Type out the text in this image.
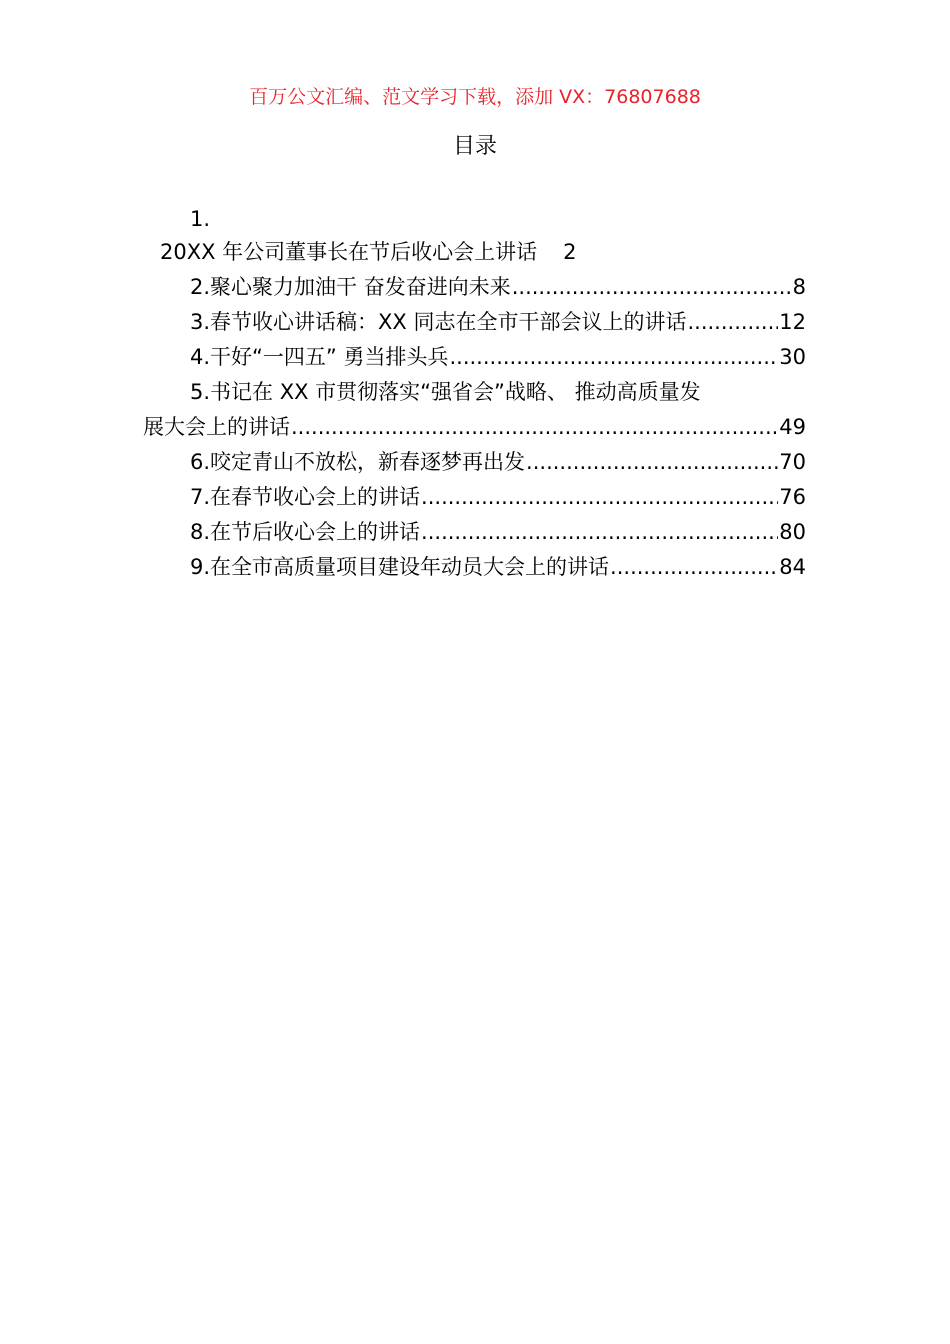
百万公文汇编、范文学习下载，添加 VX：76807688
目录
1.
20XX 年公司董事长在节后收心会上讲话 2
2.聚心聚力加油干 奋发奋进向未来 .....	8
3.春节收心讲话稿：XX 同志在全市干部会议上的讲话 .....	12
4.干好“一四五” 勇当排头兵 .....	30
5.书记在 XX 市贯彻落实“强省会”战略、 推动高质量发
展大会上的讲话 .....	49
6.咬定青山不放松，新春逐梦再出发 .....	70
7.在春节收心会上的讲话 .....	76
8.在节后收心会上的讲话 .....	80
9.在全市高质量项目建设年动员大会上的讲话 .....	84
